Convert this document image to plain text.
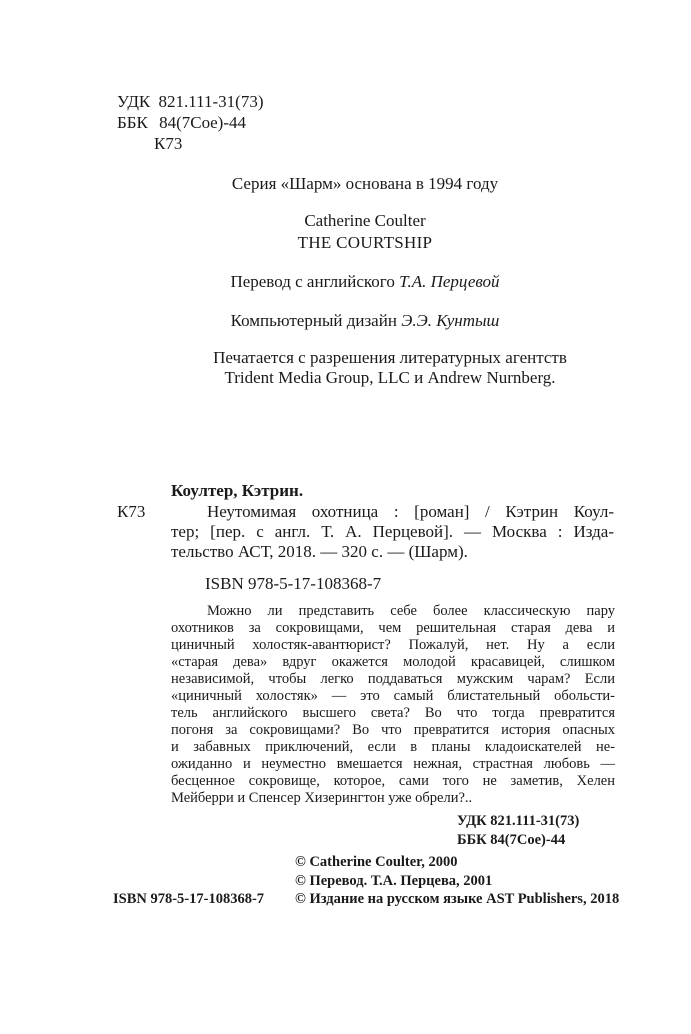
УДК 821.111-31(73)
ББК 84(7Coe)-44
К73
Серия «Шарм» основана в 1994 году
Catherine Coulter
THE COURTSHIP
Перевод с английского Т.А. Перцевой
Компьютерный дизайн Э.Э. Кунтыш
Печатается с разрешения литературных агентств
Trident Media Group, LLC и Andrew Nurnberg.
Коултер, Кэтрин.
К73	Неутомимая охотница : [роман] / Кэтрин Коул-
тер; [пер. с англ. Т. А. Перцевой]. — Москва : Изда-
тельство АСТ, 2018. — 320 с. — (Шарм).
ISBN 978-5-17-108368-7
Можно ли представить себе более классическую пару
охотников за сокровищами, чем решительная старая дева и
циничный холостяк-авантюрист? Пожалуй, нет. Ну а если
«старая дева» вдруг окажется молодой красавицей, слишком
независимой, чтобы легко поддаваться мужским чарам? Если
«циничный холостяк» — это самый блистательный обольсти-
тель английского высшего света? Во что тогда превратится
погоня за сокровищами? Во что превратится история опасных
и забавных приключений, если в планы кладоискателей не-
ожиданно и неуместно вмешается нежная, страстная любовь —
бесценное сокровище, которое, сами того не заметив, Хелен
Мейберри и Спенсер Хизерингтон уже обрели?..
УДК 821.111-31(73)
ББК 84(7Coe)-44
© Catherine Coulter, 2000
© Перевод. Т.А. Перцева, 2001
© Издание на русском языке AST Publishers, 2018
ISBN 978-5-17-108368-7
